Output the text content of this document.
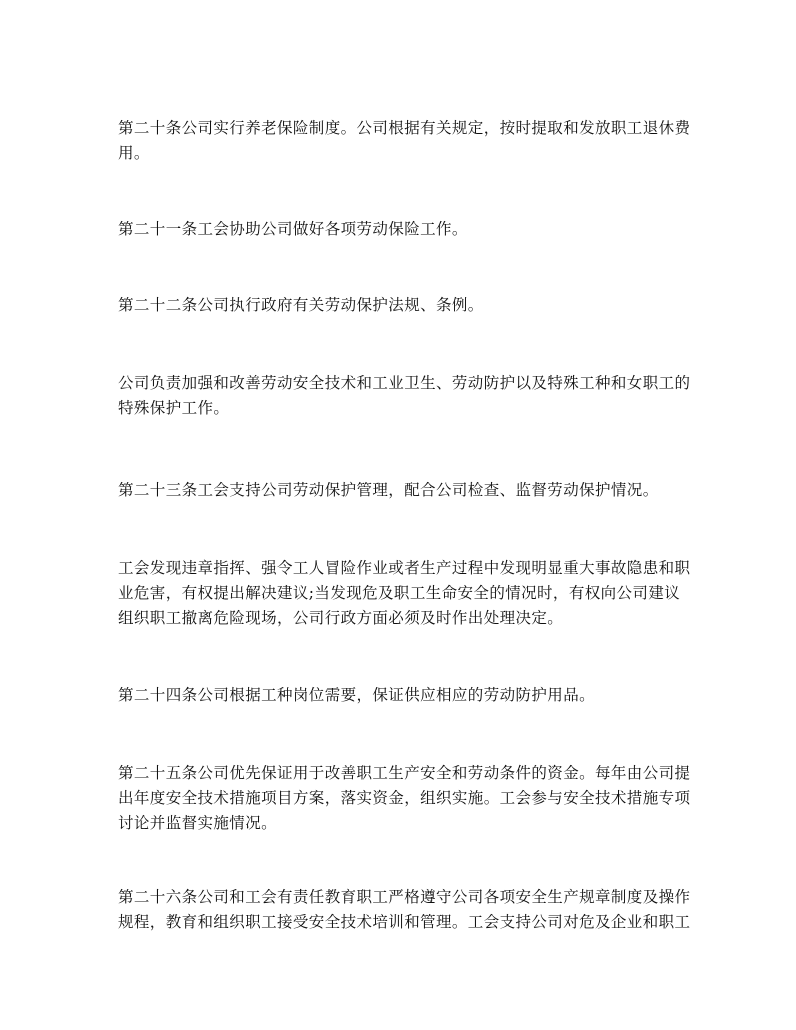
第二十条公司实行养老保险制度。公司根据有关规定，按时提取和发放职工退休费
用。

第二十一条工会协助公司做好各项劳动保险工作。

第二十二条公司执行政府有关劳动保护法规、条例。

公司负责加强和改善劳动安全技术和工业卫生、劳动防护以及特殊工种和女职工的
特殊保护工作。

第二十三条工会支持公司劳动保护管理，配合公司检查、监督劳动保护情况。

工会发现违章指挥、强令工人冒险作业或者生产过程中发现明显重大事故隐患和职
业危害，有权提出解决建议;当发现危及职工生命安全的情况时，有权向公司建议
组织职工撤离危险现场，公司行政方面必须及时作出处理决定。

第二十四条公司根据工种岗位需要，保证供应相应的劳动防护用品。

第二十五条公司优先保证用于改善职工生产安全和劳动条件的资金。每年由公司提
出年度安全技术措施项目方案，落实资金，组织实施。工会参与安全技术措施专项
讨论并监督实施情况。

第二十六条公司和工会有责任教育职工严格遵守公司各项安全生产规章制度及操作
规程，教育和组织职工接受安全技术培训和管理。工会支持公司对危及企业和职工
